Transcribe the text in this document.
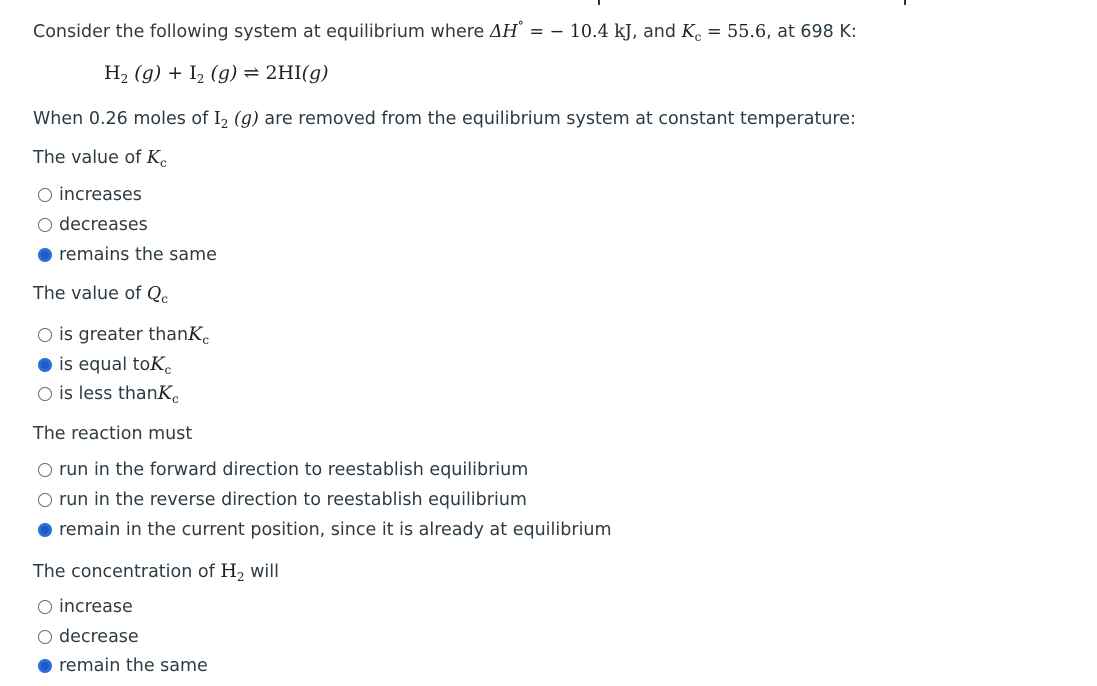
Consider the following system at equilibrium where ΔH° = − 10.4 kJ, and $K_c = 55.6$, at 698 K:
$H_2$ $(g) + I_2$ (g) ⇌ 2HI(g)
When 0.26 moles of $I_2$ (g) are removed from the equilibrium system at constant temperature:
The value of $K_c$
increases
decreases
remains the same
The value of $Q_c$
is greater than $K_c$
is equal to $K_c$
is less than $K_c$
The reaction must
run in the forward direction to reestablish equilibrium
run in the reverse direction to reestablish equilibrium
remain in the current position, since it is already at equilibrium
The concentration of $H_2$ will
increase
decrease
remain the same
